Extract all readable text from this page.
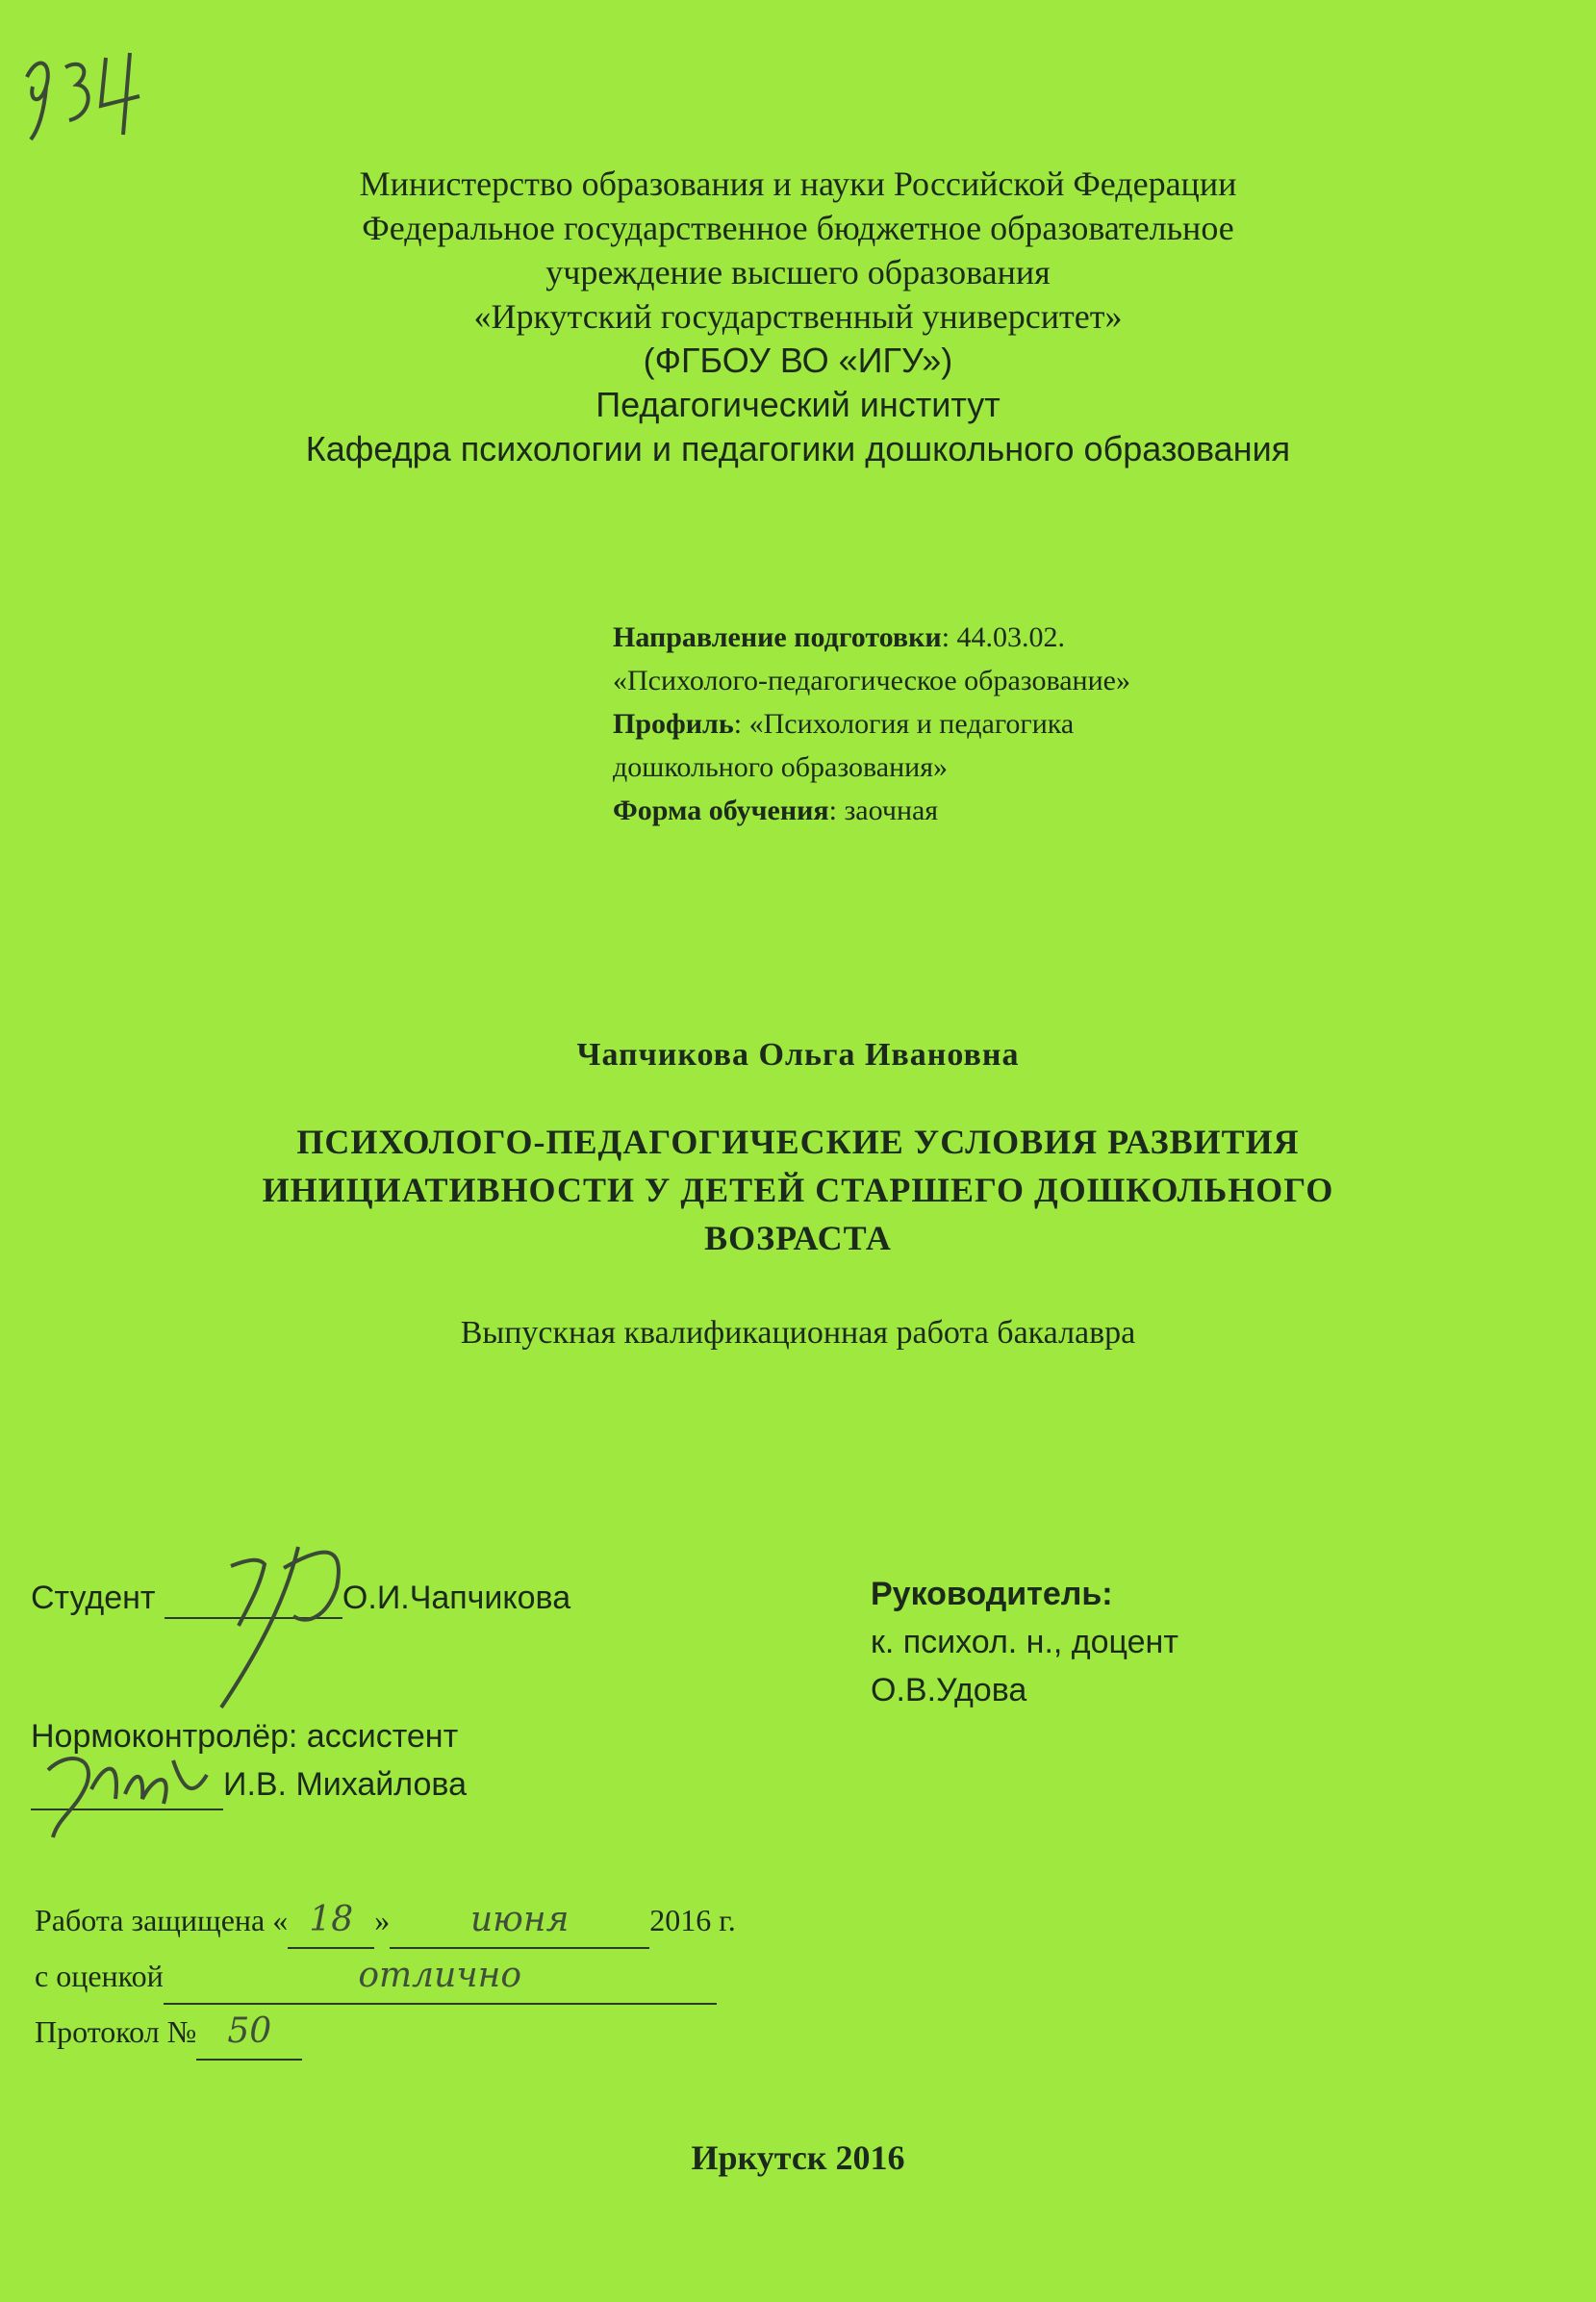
Министерство образования и науки Российской Федерации
Федеральное государственное бюджетное образовательное
учреждение высшего образования
«Иркутский государственный университет»
(ФГБОУ ВО «ИГУ»)
Педагогический институт
Кафедра психологии и педагогики дошкольного образования
Направление подготовки: 44.03.02.
«Психолого-педагогическое образование»
Профиль: «Психология и педагогика
дошкольного образования»
Форма обучения: заочная
Чапчикова Ольга Ивановна
ПСИХОЛОГО-ПЕДАГОГИЧЕСКИЕ УСЛОВИЯ РАЗВИТИЯ
ИНИЦИАТИВНОСТИ У ДЕТЕЙ СТАРШЕГО ДОШКОЛЬНОГО
ВОЗРАСТА
Выпускная квалификационная работа бакалавра
Студент	О.И.Чапчикова	Руководитель:
к. психол. н., доцент
О.В.Удова
Нормоконтролёр: ассистент
И.В. Михайлова
Работа защищена « 18 » июня	2016 г.
с оценкой	отлично
Протокол № 50
Иркутск 2016
